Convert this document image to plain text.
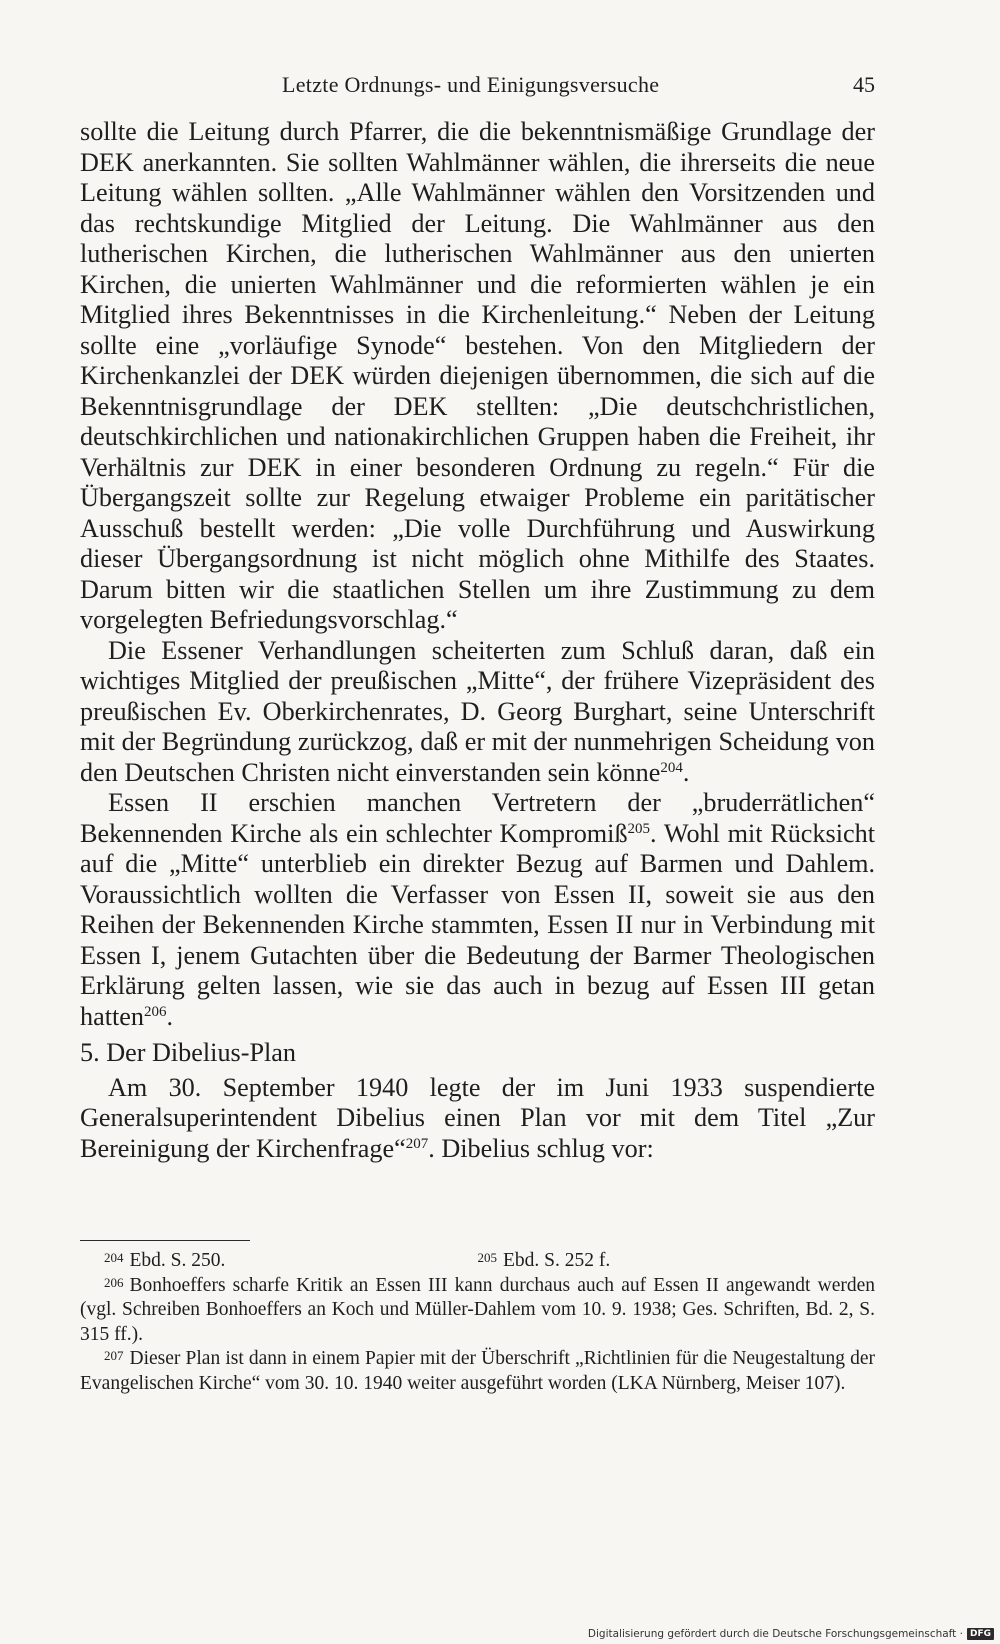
Letzte Ordnungs- und Einigungsversuche	45

sollte die Leitung durch Pfarrer, die die bekenntnismäßige Grundlage der DEK anerkannten. Sie sollten Wahlmänner wählen, die ihrerseits die neue Leitung wählen sollten. „Alle Wahlmänner wählen den Vorsitzenden und das rechtskundige Mitglied der Leitung. Die Wahlmänner aus den lutherischen Kirchen, die lutherischen Wahlmänner aus den unierten Kirchen, die unierten Wahlmänner und die reformierten wählen je ein Mitglied ihres Bekenntnisses in die Kirchenleitung.“ Neben der Leitung sollte eine „vorläufige Synode“ bestehen. Von den Mitgliedern der Kirchenkanzlei der DEK würden diejenigen übernommen, die sich auf die Bekenntnisgrundlage der DEK stellten: „Die deutschchristlichen, deutschkirchlichen und nationakirchlichen Gruppen haben die Freiheit, ihr Verhältnis zur DEK in einer besonderen Ordnung zu regeln.“ Für die Übergangszeit sollte zur Regelung etwaiger Probleme ein paritätischer Ausschuß bestellt werden: „Die volle Durchführung und Auswirkung dieser Übergangsordnung ist nicht möglich ohne Mithilfe des Staates. Darum bitten wir die staatlichen Stellen um ihre Zustimmung zu dem vorgelegten Befriedungsvorschlag.“

Die Essener Verhandlungen scheiterten zum Schluß daran, daß ein wichtiges Mitglied der preußischen „Mitte“, der frühere Vizepräsident des preußischen Ev. Oberkirchenrates, D. Georg Burghart, seine Unterschrift mit der Begründung zurückzog, daß er mit der nunmehrigen Scheidung von den Deutschen Christen nicht einverstanden sein könne$^{204}$.

Essen II erschien manchen Vertretern der „bruderrätlichen“ Bekennenden Kirche als ein schlechter Kompromiß$^{205}$. Wohl mit Rücksicht auf die „Mitte“ unterblieb ein direkter Bezug auf Barmen und Dahlem. Voraussichtlich wollten die Verfasser von Essen II, soweit sie aus den Reihen der Bekennenden Kirche stammten, Essen II nur in Verbindung mit Essen I, jenem Gutachten über die Bedeutung der Barmer Theologischen Erklärung gelten lassen, wie sie das auch in bezug auf Essen III getan hatten$^{206}$.

5. Der Dibelius-Plan

Am 30. September 1940 legte der im Juni 1933 suspendierte Generalsuperintendent Dibelius einen Plan vor mit dem Titel „Zur Bereinigung der Kirchenfrage“$^{207}$. Dibelius schlug vor:

$^{204}$ Ebd. S. 250.	$^{205}$ Ebd. S. 252 f.

$^{206}$ Bonhoeffers scharfe Kritik an Essen III kann durchaus auch auf Essen II angewandt werden (vgl. Schreiben Bonhoeffers an Koch und Müller-Dahlem vom 10. 9. 1938; Ges. Schriften, Bd. 2, S. 315 ff.).

$^{207}$ Dieser Plan ist dann in einem Papier mit der Überschrift „Richtlinien für die Neugestaltung der Evangelischen Kirche“ vom 30. 10. 1940 weiter ausgeführt worden (LKA Nürnberg, Meiser 107).

Digitalisierung gefördert durch die Deutsche Forschungsgemeinschaft · DFG
